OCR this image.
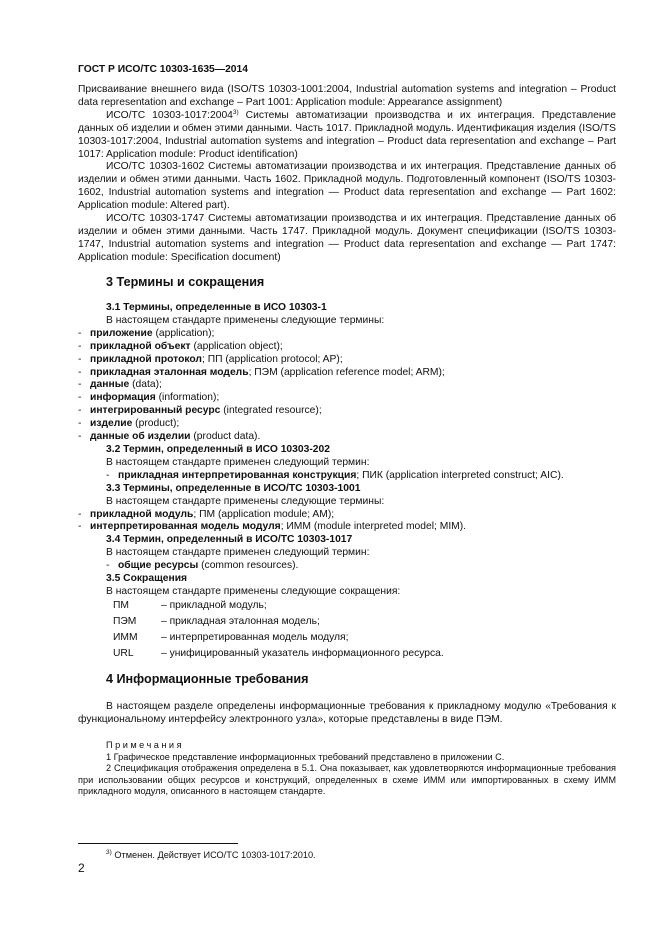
ГОСТ Р ИСО/ТС 10303-1635—2014

Присваивание внешнего вида (ISO/TS 10303-1001:2004, Industrial automation systems and integration – Product data representation and exchange – Part 1001: Application module: Appearance assignment)

ИСО/ТС 10303-1017:2004$^{3)}$ Системы автоматизации производства и их интеграция. Представление данных об изделии и обмен этими данными. Часть 1017. Прикладной модуль. Идентификация изделия (ISO/TS 10303-1017:2004, Industrial automation systems and integration – Product data representation and exchange – Part 1017: Application module: Product identification)

ИСО/ТС 10303-1602 Системы автоматизации производства и их интеграция. Представление данных об изделии и обмен этими данными. Часть 1602. Прикладной модуль. Подготовленный компонент (ISO/TS 10303-1602, Industrial automation systems and integration — Product data representation and exchange — Part 1602: Application module: Altered part).

ИСО/ТС 10303-1747 Системы автоматизации производства и их интеграция. Представление данных об изделии и обмен этими данными. Часть 1747. Прикладной модуль. Документ спецификации (ISO/TS 10303-1747, Industrial automation systems and integration — Product data representation and exchange — Part 1747: Application module: Specification document)

3 Термины и сокращения
3.1 Термины, определенные в ИСО 10303-1
В настоящем стандарте применены следующие термины:
- приложение (application);
- прикладной объект (application object);
- прикладной протокол; ПП (application protocol; AP);
- прикладная эталонная модель; ПЭМ (application reference model; ARM);
- данные (data);
- информация (information);
- интегрированный ресурс (integrated resource);
- изделие (product);
- данные об изделии (product data).
3.2 Термин, определенный в ИСО 10303-202
В настоящем стандарте применен следующий термин:
- прикладная интерпретированная конструкция; ПИК (application interpreted construct; AIC).
3.3 Термины, определенные в ИСО/ТС 10303-1001
В настоящем стандарте применены следующие термины:
- прикладной модуль; ПМ (application module; AM);
- интерпретированная модель модуля; ИММ (module interpreted model; MIM).
3.4 Термин, определенный в ИСО/ТС 10303-1017
В настоящем стандарте применен следующий термин:
- общие ресурсы (common resources).
3.5 Сокращения
В настоящем стандарте применены следующие сокращения:
ПМ	– прикладной модуль;
ПЭМ	– прикладная эталонная модель;
ИММ	– интерпретированная модель модуля;
URL	– унифицированный указатель информационного ресурса.
4 Информационные требования

В настоящем разделе определены информационные требования к прикладному модулю «Требования к функциональному интерфейсу электронного узла», которые представлены в виде ПЭМ.

Примечания

1 Графическое представление информационных требований представлено в приложении С.

2 Спецификация отображения определена в 5.1. Она показывает, как удовлетворяются информационные требования при использовании общих ресурсов и конструкций, определенных в схеме ИММ или импортированных в схему ИММ прикладного модуля, описанного в настоящем стандарте.

$^{3)}$ Отменен. Действует ИСО/ТС 10303-1017:2010.
2
